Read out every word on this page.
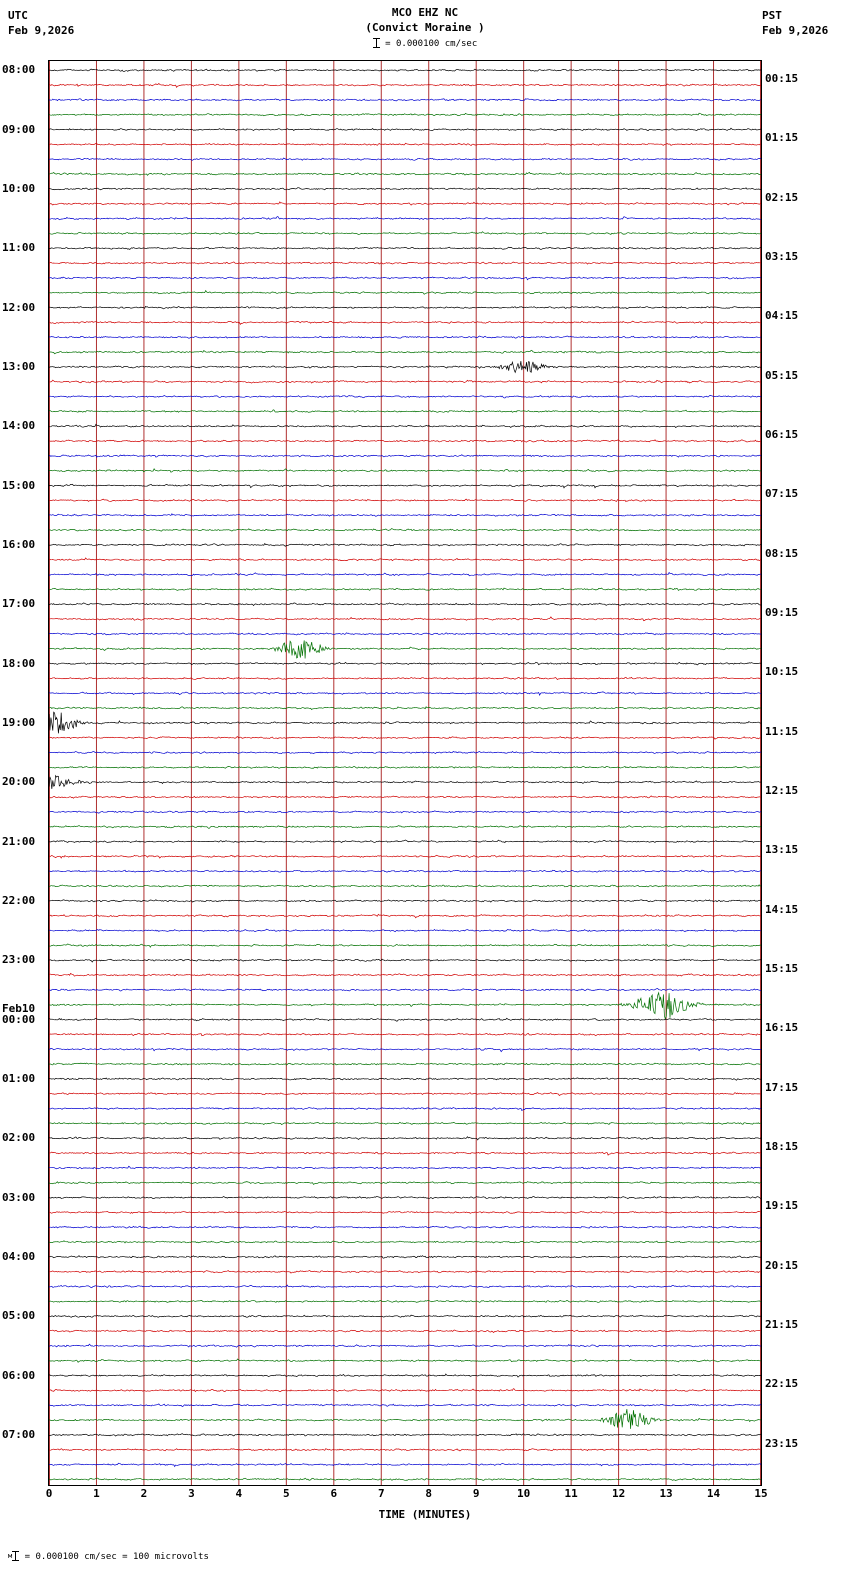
UTC
Feb 9,2026
MCO EHZ NC
(Convict Moraine )
PST
Feb 9,2026
= 0.000100 cm/sec
08:00
09:00
10:00
11:00
12:00
13:00
14:00
15:00
16:00
17:00
18:00
19:00
20:00
21:00
22:00
23:00
Feb10
00:00
01:00
02:00
03:00
04:00
05:00
06:00
07:00
00:15
01:15
02:15
03:15
04:15
05:15
06:15
07:15
08:15
09:15
10:15
11:15
12:15
13:15
14:15
15:15
16:15
17:15
18:15
19:15
20:15
21:15
22:15
23:15
0	1	2	3	4	5	6	7	8	9	10	11	12	13	14	15
TIME (MINUTES)
м = 0.000100 cm/sec = 100 microvolts
